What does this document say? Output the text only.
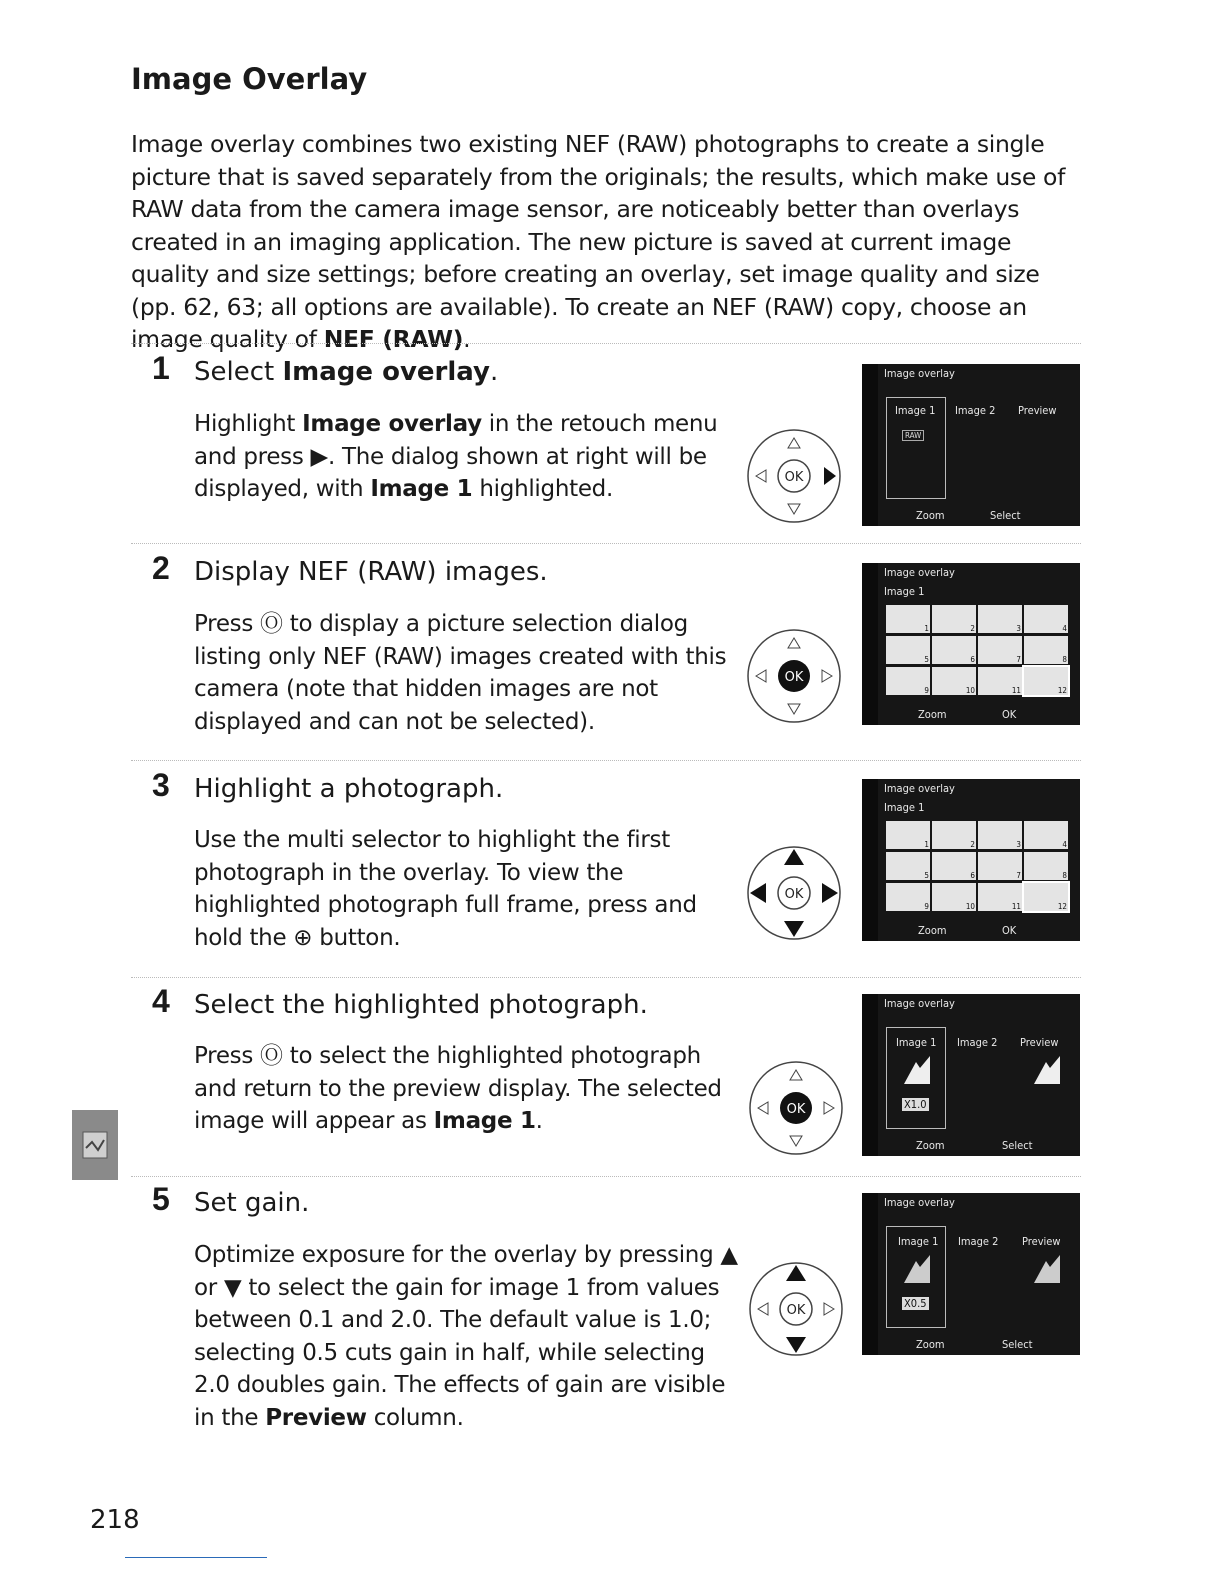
Image Overlay

Image overlay combines two existing NEF (RAW) photographs to create a single picture that is saved separately from the originals; the results, which make use of RAW data from the camera image sensor, are noticeably better than overlays created in an imaging application. The new picture is saved at current image quality and size settings; before creating an overlay, set image quality and size (pp. 62, 63; all options are available). To create an NEF (RAW) copy, choose an image quality of NEF (RAW).

1 Select Image overlay.

Highlight Image overlay in the retouch menu and press ▶. The dialog shown at right will be displayed, with Image 1 highlighted.	OK
Image overlay
Image 1 Image 2 Preview
RAW
Zoom	Select
2 Display NEF (RAW) images.

Press Ⓞ to display a picture selection dialog listing only NEF (RAW) images created with this camera (note that hidden images are not displayed and can not be selected).

OK
Image overlay
Image 1
1	2	3	4
5	6	7	8
9	10	11	12
Zoom	OK
3 Highlight a photograph.

Use the multi selector to highlight the first photograph in the overlay. To view the highlighted photograph full frame, press and hold the ⊕ button.

OK
Image overlay
Image 1
1	2	3	4
5	6	7	8
9	10	11	12
Zoom	OK
4 Select the highlighted photograph.

Press Ⓞ to select the highlighted photograph and return to the preview display. The selected image will appear as Image 1.	OK
Image overlay
Image 1 Image 2 Preview
X1.0
Zoom	Select
5 Set gain.

Optimize exposure for the overlay by pressing ▲ or ▼ to select the gain for image 1 from values between 0.1 and 2.0. The default value is 1.0; selecting 0.5 cuts gain in half, while selecting 2.0 doubles gain. The effects of gain are visible in the Preview column.

OK
Image overlay
Image 1 Image 2 Preview
X0.5
Zoom	Select

218
